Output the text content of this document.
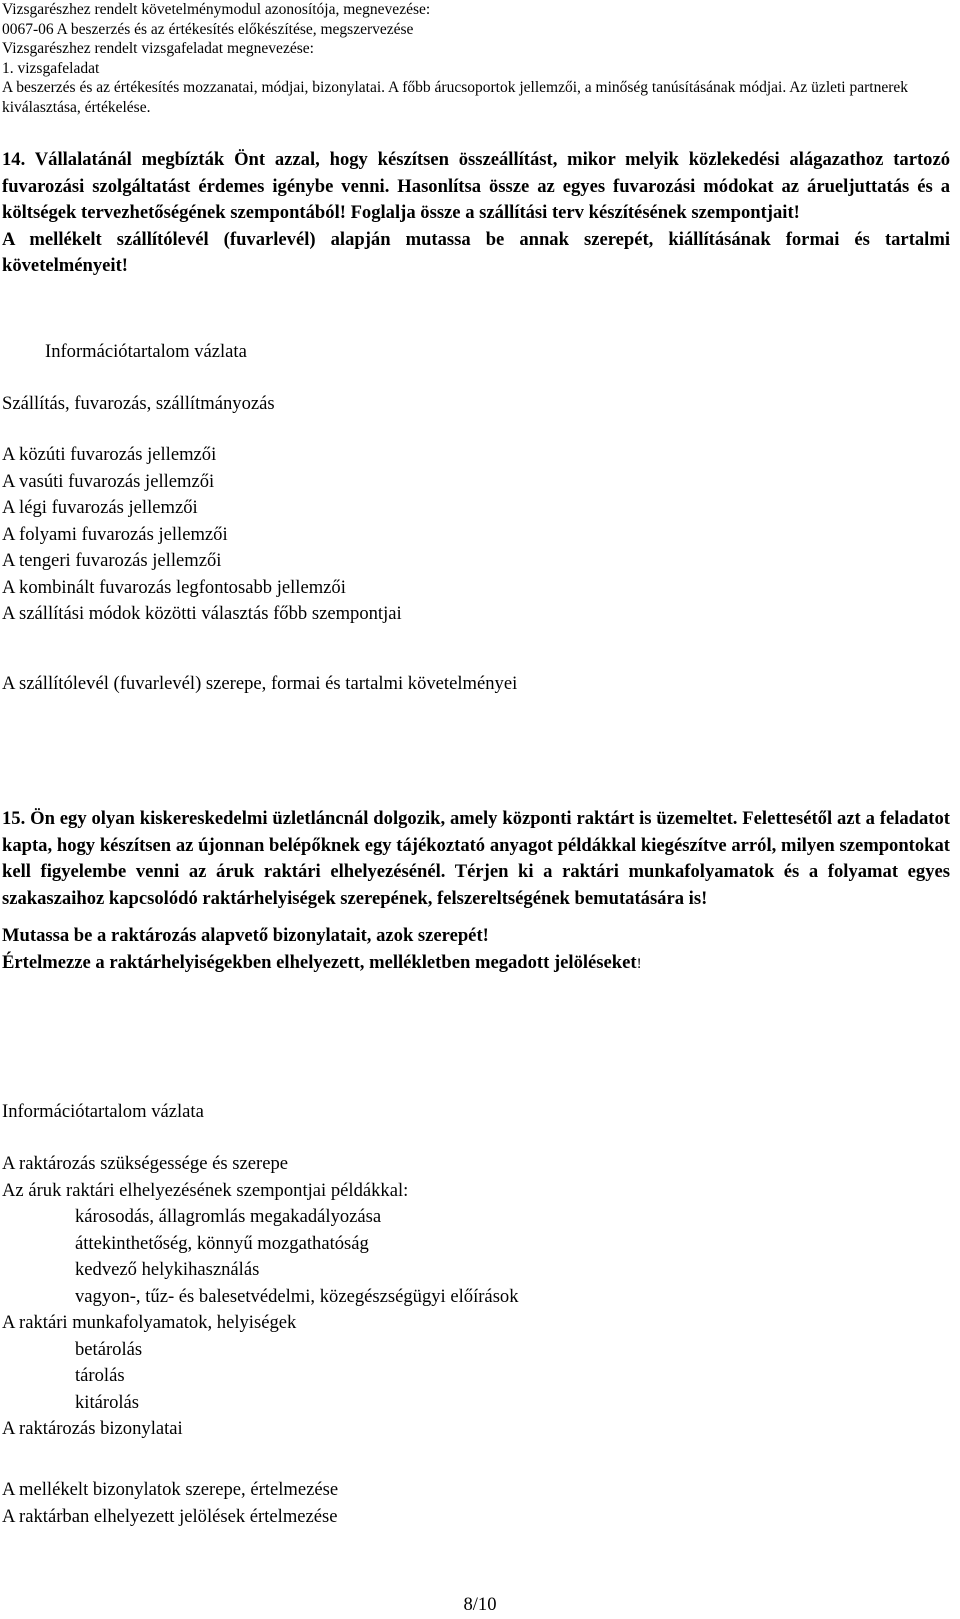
Vizsgarészhez rendelt követelménymodul azonosítója, megnevezése:
0067-06 A beszerzés és az értékesítés előkészítése, megszervezése
Vizsgarészhez rendelt vizsgafeladat megnevezése:
1. vizsgafeladat
A beszerzés és az értékesítés mozzanatai, módjai, bizonylatai. A főbb árucsoportok jellemzői, a minőség tanúsításának módjai. Az üzleti partnerek kiválasztása, értékelése.

14. Vállalatánál megbízták Önt azzal, hogy készítsen összeállítást, mikor melyik közlekedési alágazathoz tartozó fuvarozási szolgáltatást érdemes igénybe venni. Hasonlítsa össze az egyes fuvarozási módokat az árueljuttatás és a költségek tervezhetőségének szempontából! Foglalja össze a szállítási terv készítésének szempontjait!

A mellékelt szállítólevél (fuvarlevél) alapján mutassa be annak szerepét, kiállításának formai és tartalmi követelményeit!

Információtartalom vázlata
Szállítás, fuvarozás, szállítmányozás
A közúti fuvarozás jellemzői
A vasúti fuvarozás jellemzői
A légi fuvarozás jellemzői
A folyami fuvarozás jellemzői
A tengeri fuvarozás jellemzői
A kombinált fuvarozás legfontosabb jellemzői
A szállítási módok közötti választás főbb szempontjai
A szállítólevél (fuvarlevél) szerepe, formai és tartalmi követelményei

15. Ön egy olyan kiskereskedelmi üzletláncnál dolgozik, amely központi raktárt is üzemeltet. Felettesétől azt a feladatot kapta, hogy készítsen az újonnan belépőknek egy tájékoztató anyagot példákkal kiegészítve arról, milyen szempontokat kell figyelembe venni az áruk raktári elhelyezésénél. Térjen ki a raktári munkafolyamatok és a folyamat egyes szakaszaihoz kapcsolódó raktárhelyiségek szerepének, felszereltségének bemutatására is!

Mutassa be a raktározás alapvető bizonylatait, azok szerepét!

Értelmezze a raktárhelyiségekben elhelyezett, mellékletben megadott jelöléseket!

Információtartalom vázlata
A raktározás szükségessége és szerepe
Az áruk raktári elhelyezésének szempontjai példákkal:
károsodás, állagromlás megakadályozása
áttekinthetőség, könnyű mozgathatóság
kedvező helykihasználás
vagyon-, tűz- és balesetvédelmi, közegészségügyi előírások
A raktári munkafolyamatok, helyiségek
betárolás
tárolás
kitárolás
A raktározás bizonylatai
A mellékelt bizonylatok szerepe, értelmezése
A raktárban elhelyezett jelölések értelmezése
8/10
